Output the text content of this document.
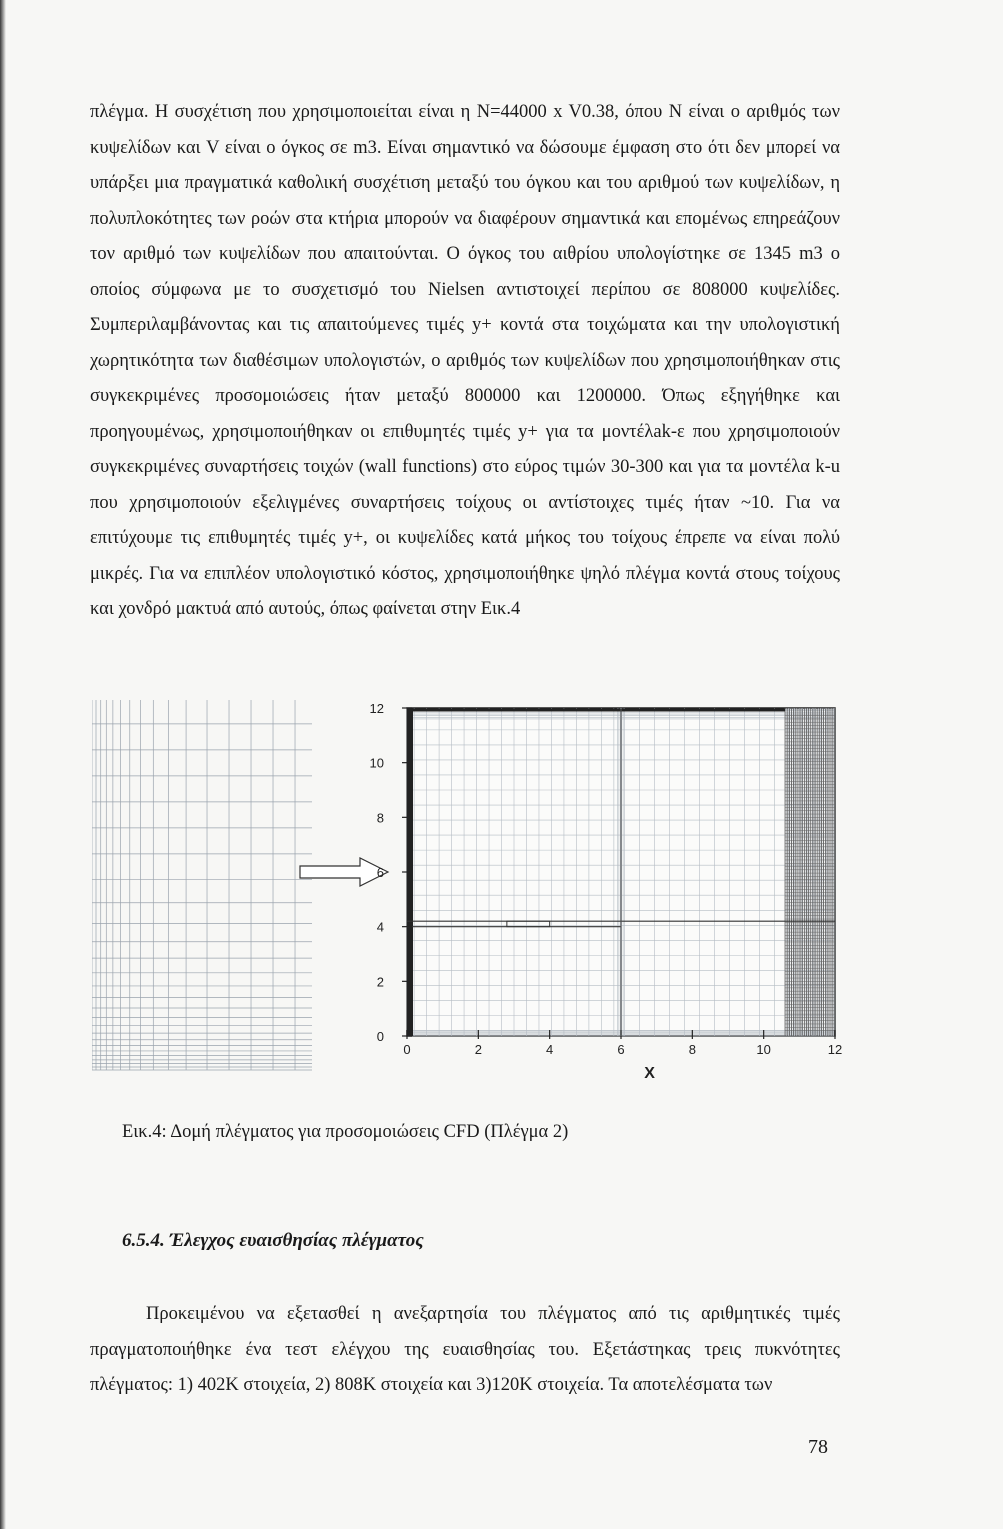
πλέγμα. Η συσχέτιση που χρησιμοποιείται είναι η N=44000 x V0.38, όπου N είναι ο αριθμός των κυψελίδων και V είναι ο όγκος σε m3. Είναι σημαντικό να δώσουμε έμφαση στο ότι δεν μπορεί να υπάρξει μια πραγματικά καθολική συσχέτιση μεταξύ του όγκου και του αριθμού των κυψελίδων, η πολυπλοκότητες των ροών στα κτήρια μπορούν να διαφέρουν σημαντικά και επομένως επηρεάζουν τον αριθμό των κυψελίδων που απαιτούνται. Ο όγκος του αιθρίου υπολογίστηκε σε 1345 m3 ο οποίος σύμφωνα με το συσχετισμό του Nielsen αντιστοιχεί περίπου σε 808000 κυψελίδες. Συμπεριλαμβάνοντας και τις απαιτούμενες τιμές y+ κοντά στα τοιχώματα και την υπολογιστική χωρητικότητα των διαθέσιμων υπολογιστών, ο αριθμός των κυψελίδων που χρησιμοποιήθηκαν στις συγκεκριμένες προσομοιώσεις ήταν μεταξύ 800000 και 1200000. Όπως εξηγήθηκε και προηγουμένως, χρησιμοποιήθηκαν οι επιθυμητές τιμές y+ για τα μοντέλak-ε που χρησιμοποιούν συγκεκριμένες συναρτήσεις τοιχών (wall functions) στο εύρος τιμών 30-300 και για τα μοντέλα k-u που χρησιμοποιούν εξελιγμένες συναρτήσεις τοίχους οι αντίστοιχες τιμές ήταν ~10. Για να επιτύχουμε τις επιθυμητές τιμές y+, οι κυψελίδες κατά μήκος του τοίχους έπρεπε να είναι πολύ μικρές. Για να επιπλέον υπολογιστικό κόστος, χρησιμοποιήθηκε ψηλό πλέγμα κοντά στους τοίχους και χονδρό μακτυά από αυτούς, όπως φαίνεται στην Εικ.4

0
2
4
6
8
10
12
0	2	4	6	8	10	12
X

Εικ.4: Δομή πλέγματος για προσομοιώσεις CFD (Πλέγμα 2)

6.5.4. Έλεγχος ευαισθησίας πλέγματος

Προκειμένου να εξετασθεί η ανεξαρτησία του πλέγματος από τις αριθμητικές τιμές πραγματοποιήθηκε ένα τεστ ελέγχου της ευαισθησίας του. Εξετάστηκας τρεις πυκνότητες πλέγματος: 1) 402K στοιχεία, 2) 808K στοιχεία και 3)120K στοιχεία. Τα αποτελέσματα των

78
